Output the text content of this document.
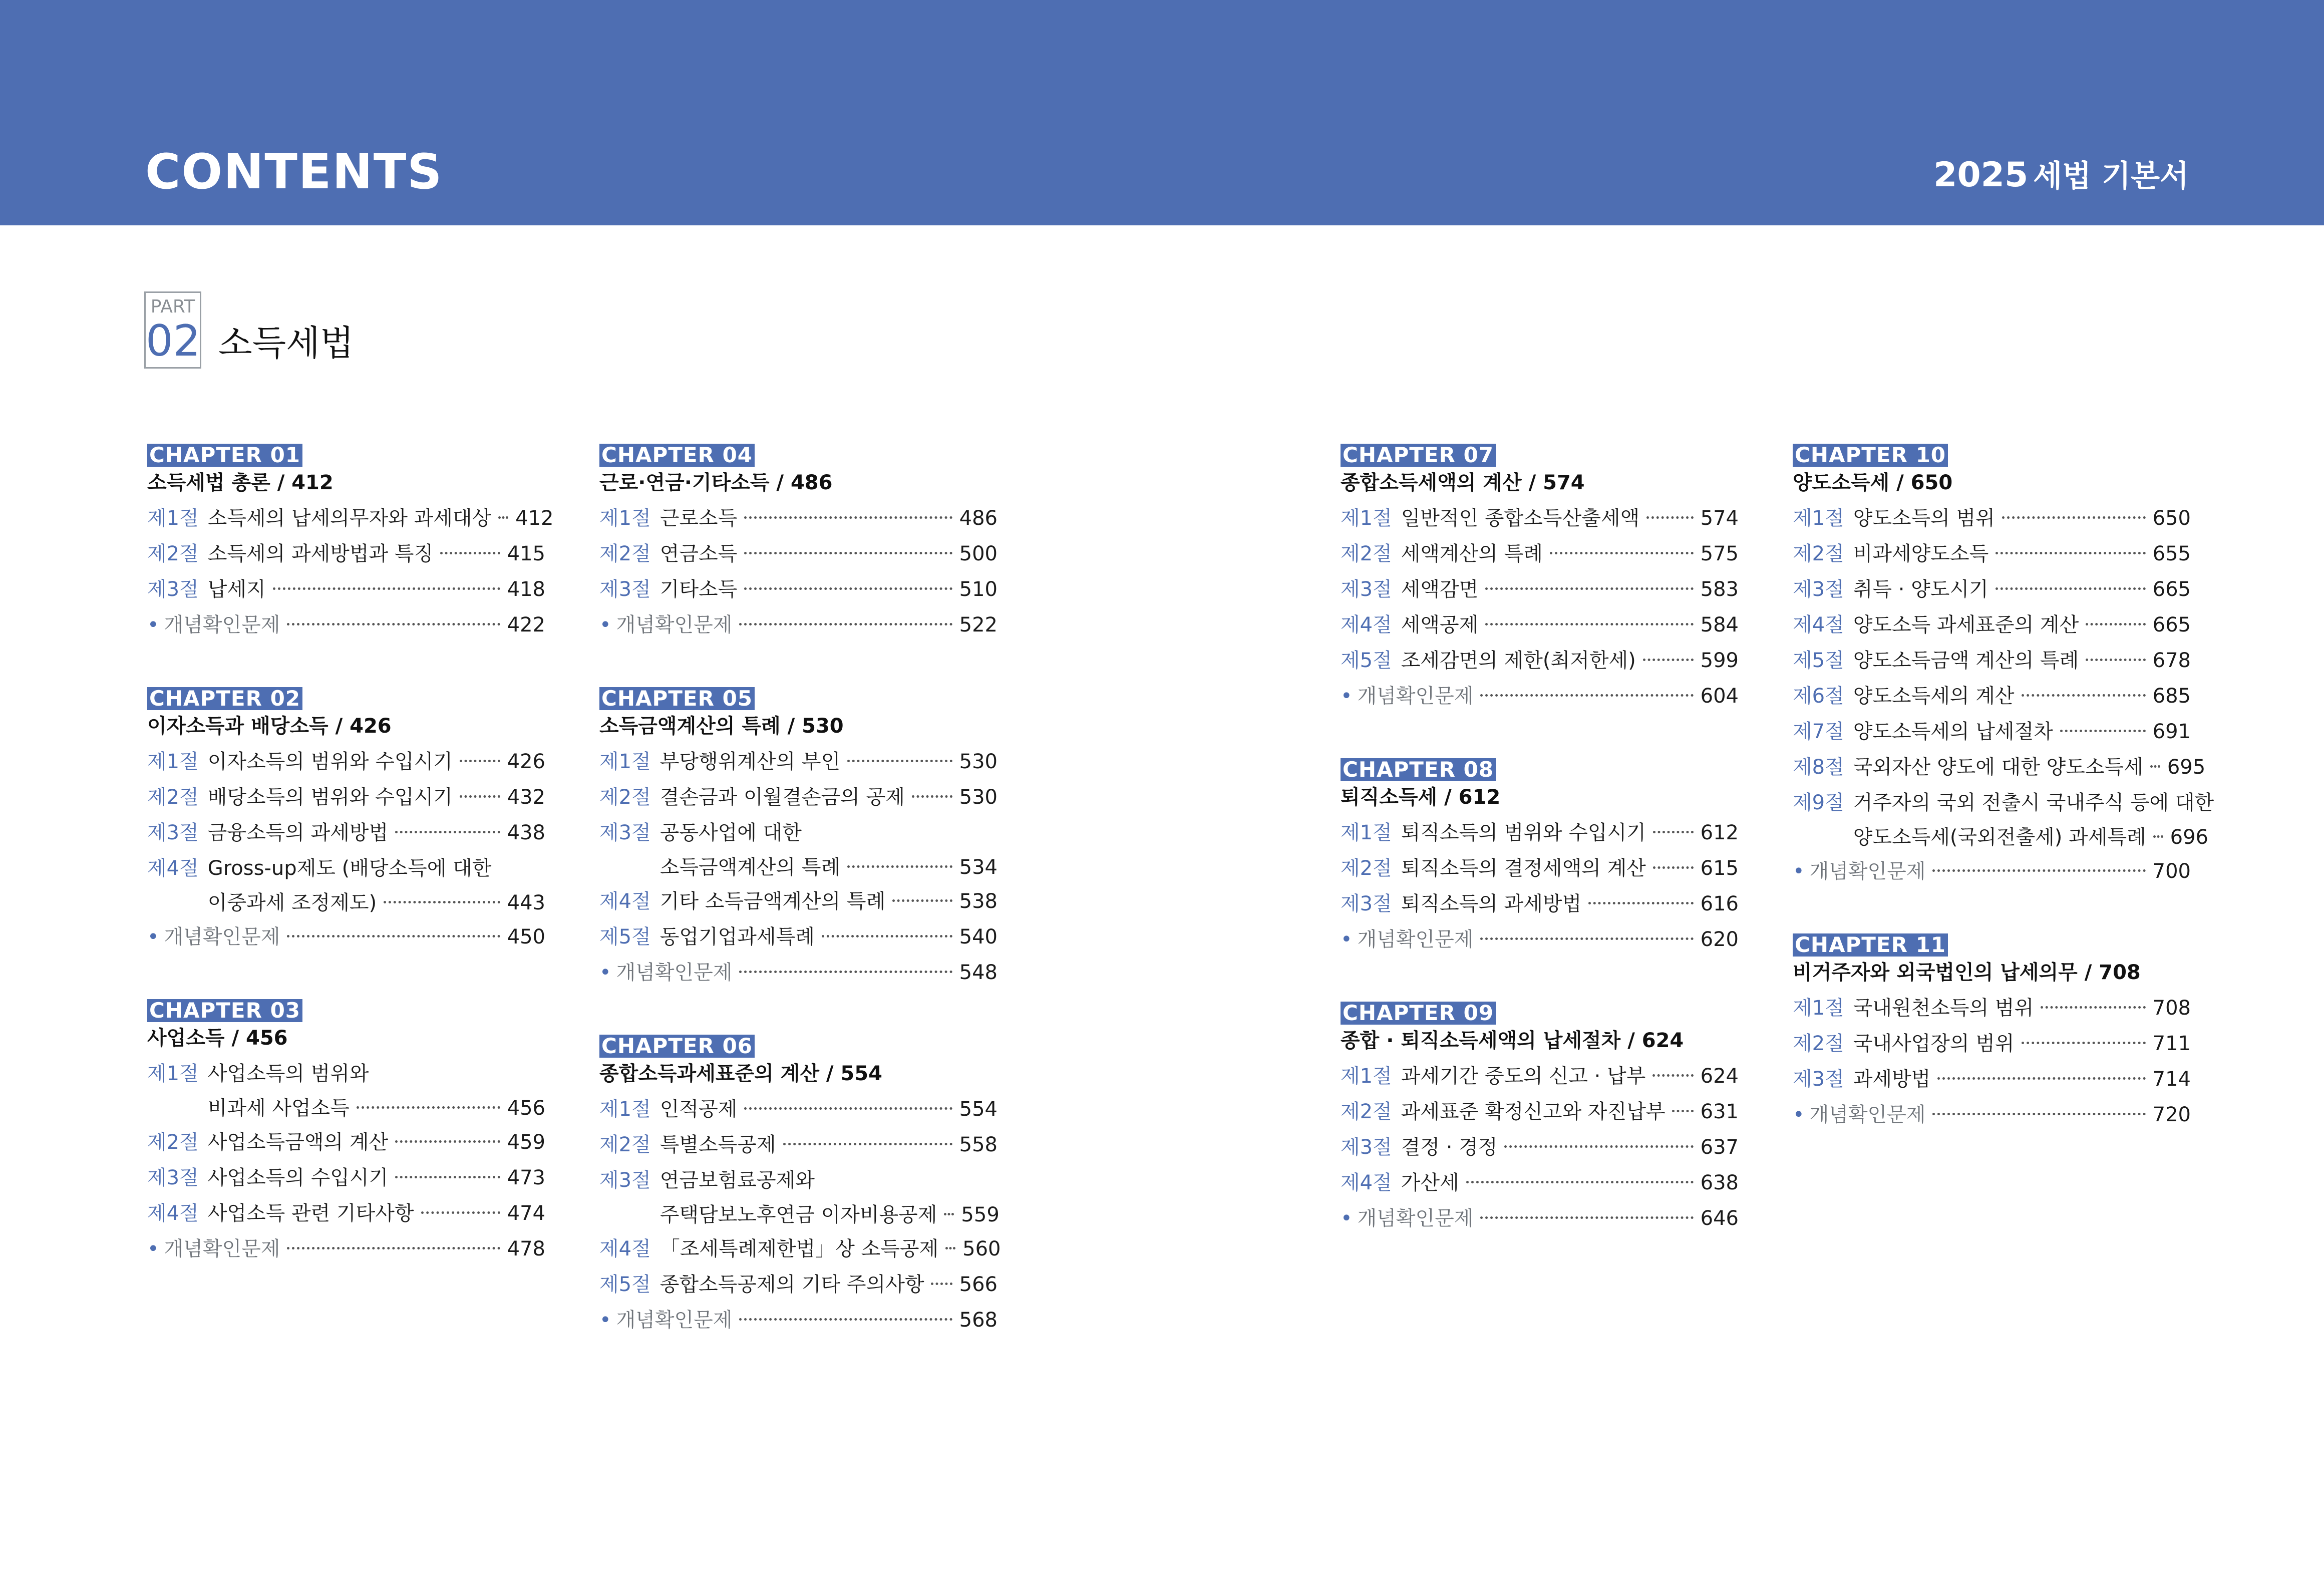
CONTENTS	2025 세법 기본서
PART
02 소득세법
CHAPTER 01
소득세법 총론 / 412
제1절 소득세의 납세의무자와 과세대상 412
제2절 소득세의 과세방법과 특징	415
제3절 납세지	418
• 개념확인문제	422
CHAPTER 02
이자소득과 배당소득 / 426
제1절 이자소득의 범위와 수입시기	426
제2절 배당소득의 범위와 수입시기	432
제3절 금융소득의 과세방법	438
제4절 Gross-up제도 (배당소득에 대한
이중과세 조정제도)	443
• 개념확인문제	450
CHAPTER 03
사업소득 / 456
제1절 사업소득의 범위와
비과세 사업소득	456
제2절 사업소득금액의 계산	459
제3절 사업소득의 수입시기	473
제4절 사업소득 관련 기타사항	474
• 개념확인문제	478
CHAPTER 04
근로·연금·기타소득 / 486
제1절 근로소득	486
제2절 연금소득	500
제3절 기타소득	510
• 개념확인문제	522
CHAPTER 05
소득금액계산의 특례 / 530
제1절 부당행위계산의 부인	530
제2절 결손금과 이월결손금의 공제	530
제3절 공동사업에 대한
소득금액계산의 특례	534
제4절 기타 소득금액계산의 특례	538
제5절 동업기업과세특례	540
• 개념확인문제	548
CHAPTER 06
종합소득과세표준의 계산 / 554
제1절 인적공제	554
제2절 특별소득공제	558
제3절 연금보험료공제와
주택담보노후연금 이자비용공제 559
제4절 「조세특례제한법」상 소득공제 560
제5절 종합소득공제의 기타 주의사항 566
• 개념확인문제	568
CHAPTER 07
종합소득세액의 계산 / 574
제1절 일반적인 종합소득산출세액	574
제2절 세액계산의 특례	575
제3절 세액감면	583
제4절 세액공제	584
제5절 조세감면의 제한(최저한세)	599
• 개념확인문제	604
CHAPTER 08
퇴직소득세 / 612
제1절 퇴직소득의 범위와 수입시기	612
제2절 퇴직소득의 결정세액의 계산	615
제3절 퇴직소득의 과세방법	616
• 개념확인문제	620
CHAPTER 09
종합 · 퇴직소득세액의 납세절차 / 624
제1절 과세기간 중도의 신고 · 납부	624
제2절 과세표준 확정신고와 자진납부 631
제3절 결정 · 경정	637
제4절 가산세	638
• 개념확인문제	646
CHAPTER 10
양도소득세 / 650
제1절 양도소득의 범위	650
제2절 비과세양도소득	655
제3절 취득 · 양도시기	665
제4절 양도소득 과세표준의 계산	665
제5절 양도소득금액 계산의 특례	678
제6절 양도소득세의 계산	685
제7절 양도소득세의 납세절차	691
제8절 국외자산 양도에 대한 양도소득세 695
제9절 거주자의 국외 전출시 국내주식 등에 대한
양도소득세(국외전출세) 과세특례 696
• 개념확인문제	700
CHAPTER 11
비거주자와 외국법인의 납세의무 / 708
제1절 국내원천소득의 범위	708
제2절 국내사업장의 범위	711
제3절 과세방법	714
• 개념확인문제	720
